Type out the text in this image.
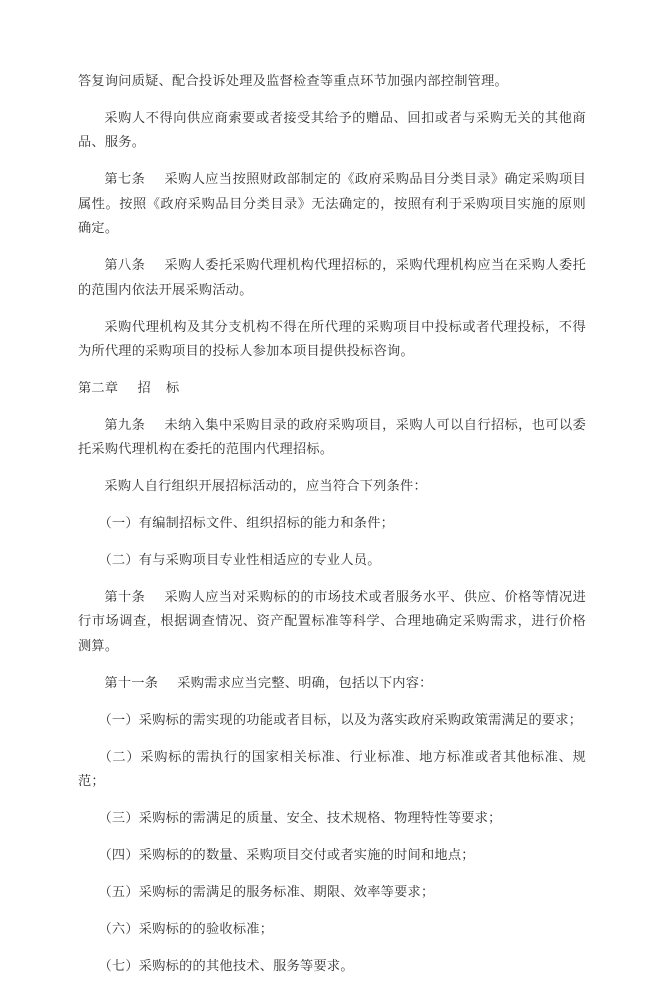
答复询问质疑、配合投诉处理及监督检查等重点环节加强内部控制管理。

采购人不得向供应商索要或者接受其给予的赠品、回扣或者与采购无关的其他商品、服务。

第七条 采购人应当按照财政部制定的《政府采购品目分类目录》确定采购项目属性。按照《政府采购品目分类目录》无法确定的，按照有利于采购项目实施的原则确定。

第八条 采购人委托采购代理机构代理招标的，采购代理机构应当在采购人委托的范围内依法开展采购活动。

采购代理机构及其分支机构不得在所代理的采购项目中投标或者代理投标，不得为所代理的采购项目的投标人参加本项目提供投标咨询。

第二章 招 标

第九条 未纳入集中采购目录的政府采购项目，采购人可以自行招标，也可以委托采购代理机构在委托的范围内代理招标。

采购人自行组织开展招标活动的，应当符合下列条件：

（一）有编制招标文件、组织招标的能力和条件；

（二）有与采购项目专业性相适应的专业人员。

第十条 采购人应当对采购标的的市场技术或者服务水平、供应、价格等情况进行市场调查，根据调查情况、资产配置标准等科学、合理地确定采购需求，进行价格测算。

第十一条 采购需求应当完整、明确，包括以下内容：

（一）采购标的需实现的功能或者目标，以及为落实政府采购政策需满足的要求；

（二）采购标的需执行的国家相关标准、行业标准、地方标准或者其他标准、规范；

（三）采购标的需满足的质量、安全、技术规格、物理特性等要求；

（四）采购标的的数量、采购项目交付或者实施的时间和地点；

（五）采购标的需满足的服务标准、期限、效率等要求；

（六）采购标的的验收标准；

（七）采购标的的其他技术、服务等要求。
